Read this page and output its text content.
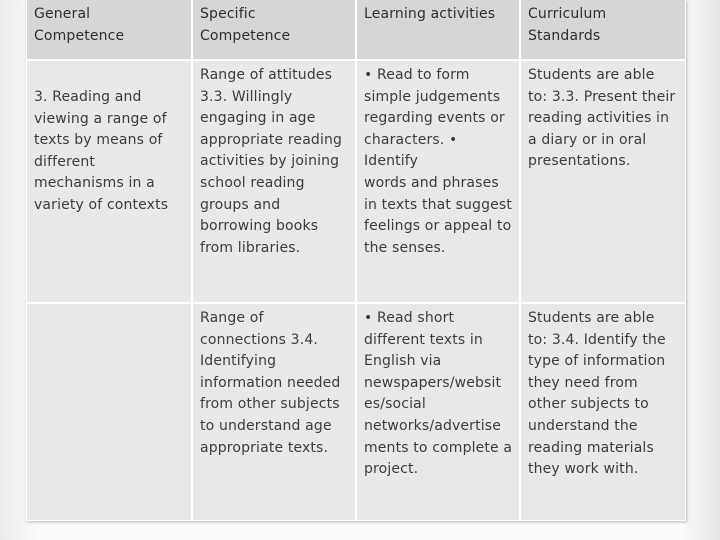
General
Competence
Specific
Competence
Learning activities	Curriculum
Standards
3. Reading and
viewing a range of
texts by means of
different
mechanisms in a
variety of contexts
Range of attitudes
3.3. Willingly
engaging in age
appropriate reading
activities by joining
school reading
groups and
borrowing books
from libraries.
• Read to form
simple judgements
regarding events or
characters. • Identify
words and phrases
in texts that suggest
feelings or appeal to
the senses.
Students are able
to: 3.3. Present their
reading activities in
a diary or in oral
presentations.
Range of
connections 3.4.
Identifying
information needed
from other subjects
to understand age
appropriate texts.
• Read short
different texts in
English via
newspapers/websit
es/social
networks/advertise
ments to complete a
project.
Students are able
to: 3.4. Identify the
type of information
they need from
other subjects to
understand the
reading materials
they work with.
